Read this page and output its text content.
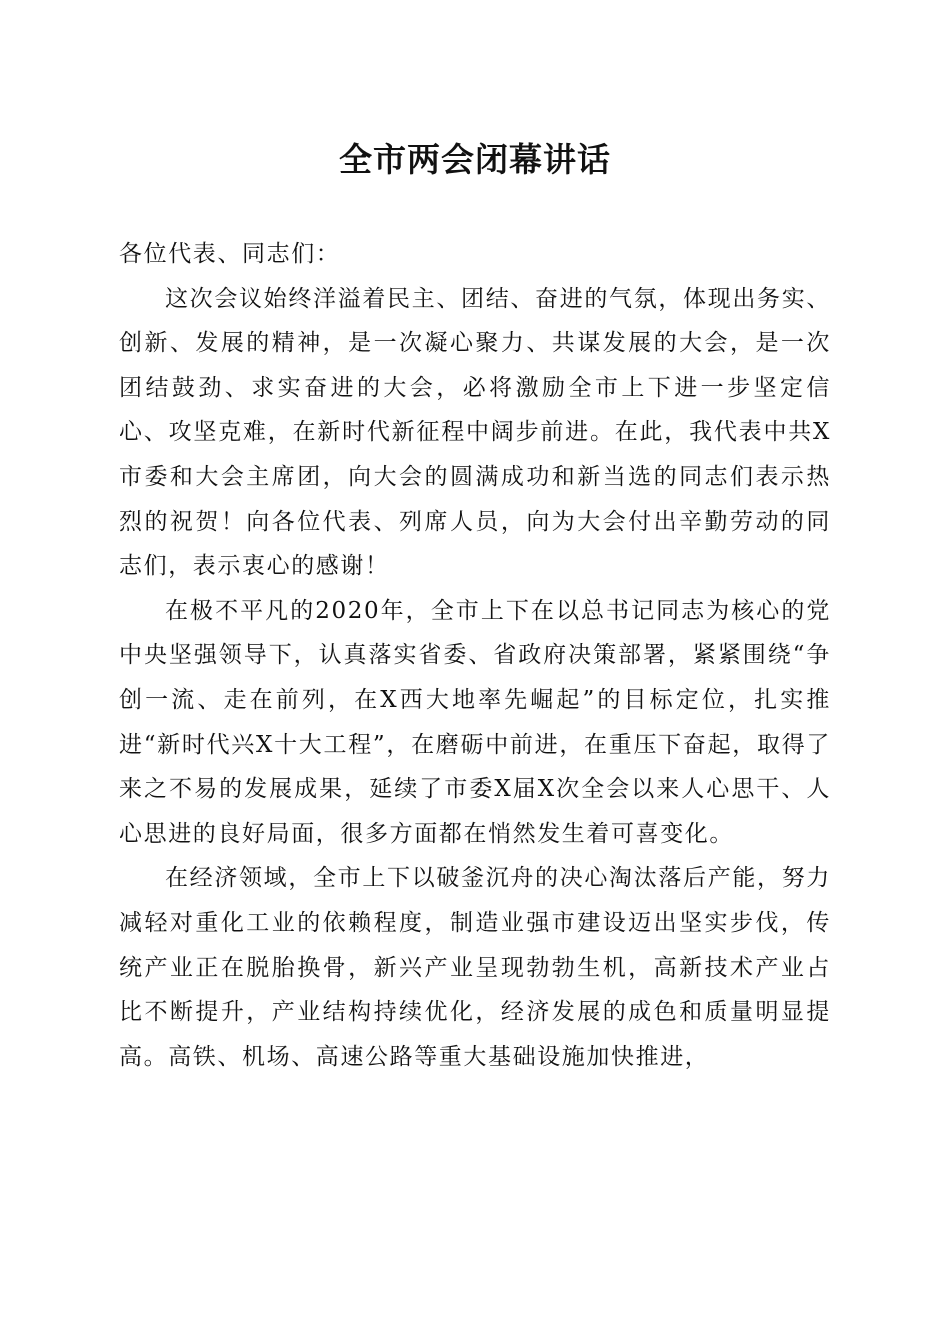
全市两会闭幕讲话

各位代表、同志们：

这次会议始终洋溢着民主、团结、奋进的气氛，体现出务实、创新、发展的精神，是一次凝心聚力、共谋发展的大会，是一次团结鼓劲、求实奋进的大会，必将激励全市上下进一步坚定信心、攻坚克难，在新时代新征程中阔步前进。在此，我代表中共X市委和大会主席团，向大会的圆满成功和新当选的同志们表示热烈的祝贺！向各位代表、列席人员，向为大会付出辛勤劳动的同志们，表示衷心的感谢！

在极不平凡的2020年，全市上下在以总书记同志为核心的党中央坚强领导下，认真落实省委、省政府决策部署，紧紧围绕“争创一流、走在前列，在X西大地率先崛起”的目标定位，扎实推进“新时代兴X十大工程”，在磨砺中前进，在重压下奋起，取得了来之不易的发展成果，延续了市委X届X次全会以来人心思干、人心思进的良好局面，很多方面都在悄然发生着可喜变化。

在经济领域，全市上下以破釜沉舟的决心淘汰落后产能，努力减轻对重化工业的依赖程度，制造业强市建设迈出坚实步伐，传统产业正在脱胎换骨，新兴产业呈现勃勃生机，高新技术产业占比不断提升，产业结构持续优化，经济发展的成色和质量明显提高。高铁、机场、高速公路等重大基础设施加快推进，
